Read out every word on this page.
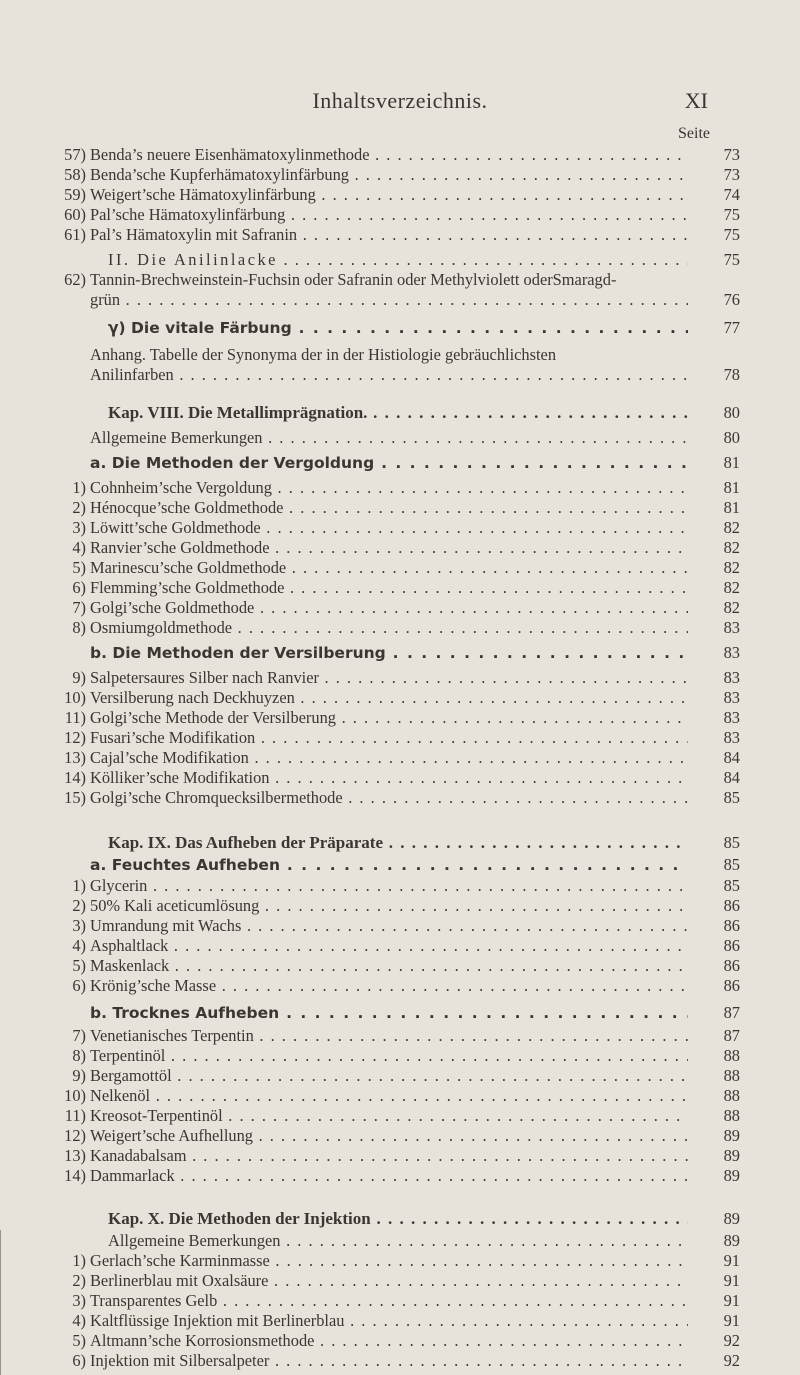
Inhaltsverzeichnis.	XI
Seite
57) Benda’s neuere Eisenhämatoxylinmethode . . .	73
58) Benda’sche Kupferhämatoxylinfärbung . . .	73
59) Weigert’sche Hämatoxylinfärbung . . .	74
60) Pal’sche Hämatoxylinfärbung . . .	75
61) Pal’s Hämatoxylin mit Safranin . . .	75
II. Die Anilinlacke . . .	75
62) Tannin-Brechweinstein-Fuchsin oder Safranin oder Methylviolett oderSmaragd-
grün . . .	76
γ) Die vitale Färbung . . .	77
Anhang. Tabelle der Synonyma der in der Histiologie gebräuchlichsten
Anilinfarben . . .	78
Kap. VIII. Die Metallimprägnation. . . .	80
Allgemeine Bemerkungen . . .	80
a. Die Methoden der Vergoldung . . .	81
1) Cohnheim’sche Vergoldung . . .	81
2) Hénocque’sche Goldmethode . . .	81
3) Löwitt’sche Goldmethode . . .	82
4) Ranvier’sche Goldmethode . . .	82
5) Marinescu’sche Goldmethode . . .	82
6) Flemming’sche Goldmethode . . .	82
7) Golgi’sche Goldmethode . . .	82
8) Osmiumgoldmethode . . .	83
b. Die Methoden der Versilberung . . .	83
9) Salpetersaures Silber nach Ranvier . . .	83
10) Versilberung nach Deckhuyzen . . .	83
11) Golgi’sche Methode der Versilberung . . .	83
12) Fusari’sche Modifikation . . .	83
13) Cajal’sche Modifikation . . .	84
14) Kölliker’sche Modifikation . . .	84
15) Golgi’sche Chromquecksilbermethode . . .	85
Kap. IX. Das Aufheben der Präparate . . .	85
a. Feuchtes Aufheben . . .	85
1) Glycerin . . .	85
2) 50% Kali aceticumlösung . . .	86
3) Umrandung mit Wachs . . .	86
4) Asphaltlack . . .	86
5) Maskenlack . . .	86
6) Krönig’sche Masse . . .	86
b. Trocknes Aufheben . . .	87
7) Venetianisches Terpentin . . .	87
8) Terpentinöl . . .	88
9) Bergamottöl . . .	88
10) Nelkenöl . . .	88
11) Kreosot-Terpentinöl . . .	88
12) Weigert’sche Aufhellung . . .	89
13) Kanadabalsam . . .	89
14) Dammarlack . . .	89
Kap. X. Die Methoden der Injektion . . .	89
Allgemeine Bemerkungen . . .	89
1) Gerlach’sche Karminmasse . . .	91
2) Berlinerblau mit Oxalsäure . . .	91
3) Transparentes Gelb . . .	91
4) Kaltflüssige Injektion mit Berlinerblau . . .	91
5) Altmann’sche Korrosionsmethode . . .	92
6) Injektion mit Silbersalpeter . . .	92
